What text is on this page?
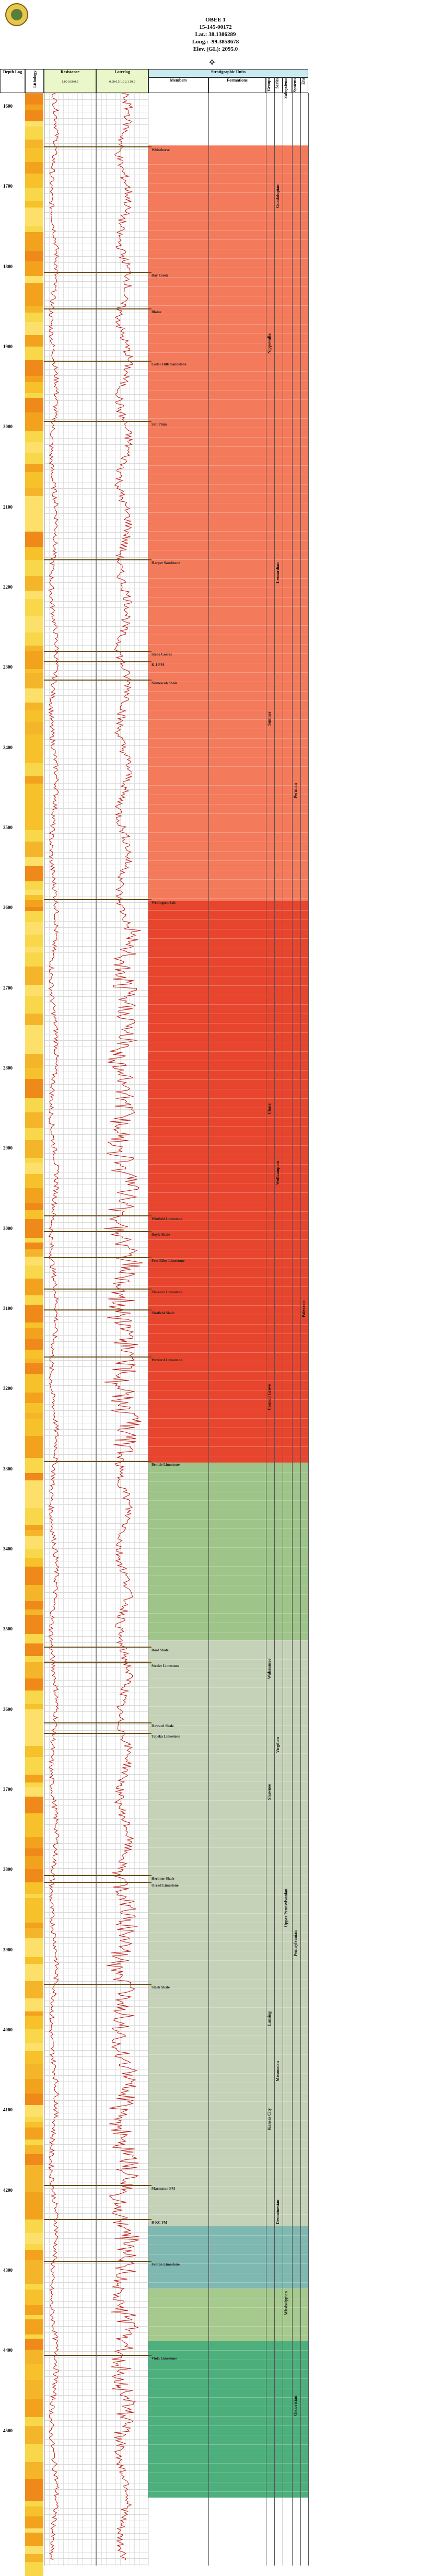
OBEE 1
15-145-00172
Lat.: 38.1386289
Long.: -99.3858678
Elev. (GL): 2095.0
✥
Depth Log	Lithology	Resistance
1.00 0.00 0.5
Laterlog
0.00 0.5 1.0 2.1 10.0
Stratigraphic Units
Members	Formations	Groups Series Subsystems Systems Era
1600
1700
1800
1900
2000
2100
2200
2300
2400
2500
2600
2700
2800
2900
3000
3100
3200
3300
3400
3500
3600
3700
3800
3900
4000
4100
4200
4300
4400
4500
Whitehorse
Day Creek
Blaine
Cedar Hills Sandstone
Salt Plain
Harper Sandstone
Stone Corral
K-1 FM
Ninnescah Shale
Wellington Salt
Winfield Limestone
Doyle Shale
Fort Riley Limestone
Florence Limestone
Matfield Shale
Wreford Limestone
Beattie Limestone
Root Shale
Stotler Limestone
Howard Shale
Topeka Limestone
Oread Limestone
Heebner Shale
Stark Shale
Marmaton FM
B-KC FM
Fenton Limestone
Viola Limestone
Nippewalla
Sumner
Chase
Council Grove
Wabaunsee
Shawnee
Lansing
Kansas City
Guadalupian
Leonardian
Wolfcampian
Virgilian
Missourian
Desmoinesian
Upper Pennsylvanian
Mississippian
Permian
Pennsylvanian
Ordovician
Paleozoic
